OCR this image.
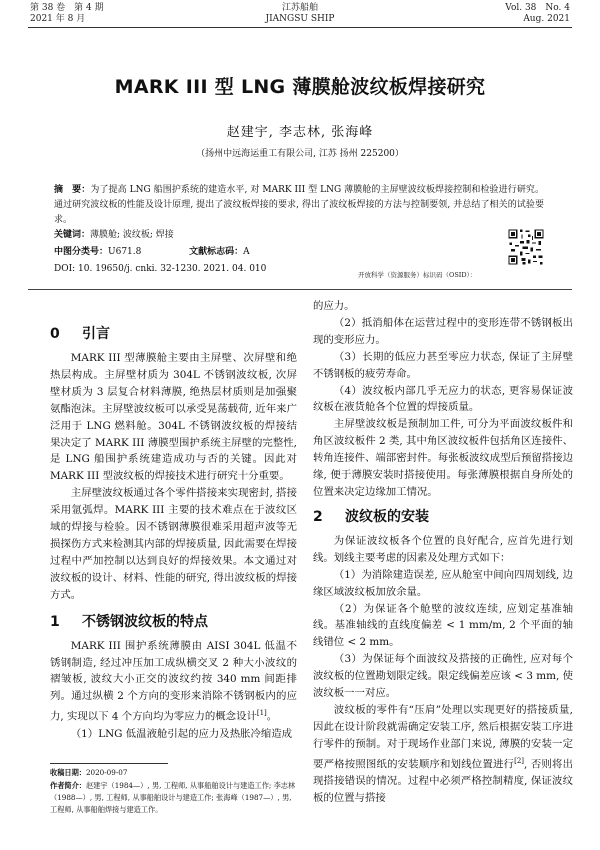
第 38 卷　第 4 期
2021 年 8 月
江苏船舶
JIANGSU SHIP
Vol. 38　No. 4
Aug. 2021
MARK III 型 LNG 薄膜舱波纹板焊接研究
赵建宇, 李志林, 张海峰
（扬州中远海运重工有限公司, 江苏 扬州 225200）
摘　要：为了提高 LNG 船围护系统的建造水平, 对 MARK III 型 LNG 薄膜舱的主屏壁波纹板焊接控制和检验进行研究。通过研究波纹板的性能及设计原理, 提出了波纹板焊接的要求, 得出了波纹板焊接的方法与控制要领, 并总结了相关的试验要求。
关键词：薄膜舱; 波纹板; 焊接
中图分类号：U671.8	文献标志码：A
DOI: 10. 19650/j. cnki. 32-1230. 2021. 04. 010
开放科学（资源服务）标识码（OSID）：
0 引言

MARK III 型薄膜舱主要由主屏壁、次屏壁和绝热层构成。主屏壁材质为 304L 不锈钢波纹板, 次屏壁材质为 3 层复合材料薄膜, 绝热层材质则是加强聚氨酯泡沫。主屏壁波纹板可以承受晃荡载荷, 近年来广泛用于 LNG 燃料舱。304L 不锈钢波纹板的焊接结果决定了 MARK III 薄膜型围护系统主屏壁的完整性, 是 LNG 船围护系统建造成功与否的关键。因此对 MARK III 型波纹板的焊接技术进行研究十分重要。

主屏壁波纹板通过各个零件搭接来实现密封, 搭接采用氩弧焊。MARK III 主要的技术难点在于波纹区域的焊接与检验。因不锈钢薄膜很难采用超声波等无损探伤方式来检测其内部的焊接质量, 因此需要在焊接过程中严加控制以达到良好的焊接效果。本文通过对波纹板的设计、材料、性能的研究, 得出波纹板的焊接方式。

1 不锈钢波纹板的特点

MARK III 围护系统薄膜由 AISI 304L 低温不锈钢制造, 经过冲压加工成纵横交叉 2 种大小波纹的褶皱板, 波纹大小正交的波纹约按 340 mm 间距排列。通过纵横 2 个方向的变形来消除不锈钢板内的应力, 实现以下 4 个方向均为零应力的概念设计[1]。

（1）LNG 低温液舱引起的应力及热胀冷缩造成

的应力。

（2）抵消船体在运营过程中的变形连带不锈钢板出现的变形应力。

（3）长期的低应力甚至零应力状态, 保证了主屏壁不锈钢板的疲劳寿命。

（4）波纹板内部几乎无应力的状态, 更容易保证波纹板在液货舱各个位置的焊接质量。

主屏壁波纹板是预制加工件, 可分为平面波纹板件和角区波纹板件 2 类, 其中角区波纹板件包括角区连接件、转角连接件、端部密封件。每张板波纹成型后预留搭接边缘, 便于薄膜安装时搭接使用。每张薄膜根据自身所处的位置来决定边缘加工情况。

2 波纹板的安装

为保证波纹板各个位置的良好配合, 应首先进行划线。划线主要考虑的因素及处理方式如下：

（1）为消除建造误差, 应从舱室中间向四周划线, 边缘区域波纹板加放余量。

（2）为保证各个舱壁的波纹连续, 应划定基准轴线。基准轴线的直线度偏差 < 1 mm/m, 2 个平面的轴线错位 < 2 mm。

（3）为保证每个面波纹及搭接的正确性, 应对每个波纹板的位置勘划限定线。限定线偏差应该 < 3 mm, 使波纹板一一对应。

波纹板的零件有“压肩”处理以实现更好的搭接质量, 因此在设计阶段就需确定安装工序, 然后根据安装工序进行零件的预制。对于现场作业部门来说, 薄膜的安装一定要严格按照图纸的安装顺序和划线位置进行[2], 否则将出现搭接错误的情况。过程中必须严格控制精度, 保证波纹板的位置与搭接

收稿日期：2020-09-07
作者简介：赵建宇（1984—）, 男, 工程师, 从事船舶设计与建造工作; 李志林（1988—）, 男, 工程师, 从事船舶设计与建造工作; 张海峰（1987—）, 男, 工程师, 从事船舶焊接与建造工作。
